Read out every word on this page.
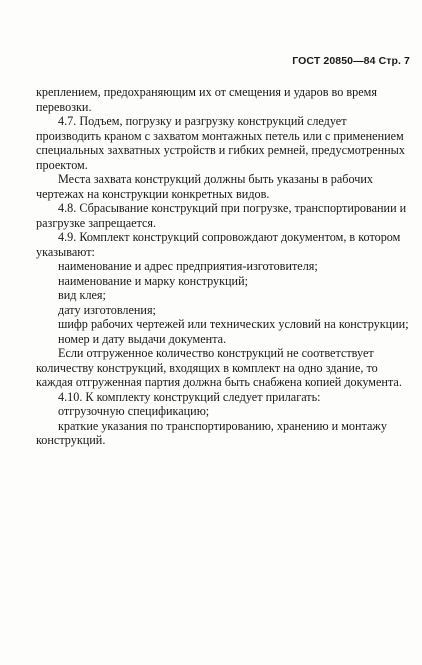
ГОСТ 20850—84 Стр. 7

креплением, предохраняющим их от смещения и ударов во время перевозки.

4.7. Подъем, погрузку и разгрузку конструкций следует производить краном с захватом монтажных петель или с применением специальных захватных устройств и гибких ремней, предусмотренных проектом.

Места захвата конструкций должны быть указаны в рабочих чертежах на конструкции конкретных видов.

4.8. Сбрасывание конструкций при погрузке, транспортировании и разгрузке запрещается.

4.9. Комплект конструкций сопровождают документом, в котором указывают:

наименование и адрес предприятия-изготовителя;

наименование и марку конструкций;

вид клея;

дату изготовления;

шифр рабочих чертежей или технических условий на конструкции;

номер и дату выдачи документа.

Если отгруженное количество конструкций не соответствует количеству конструкций, входящих в комплект на одно здание, то каждая отгруженная партия должна быть снабжена копией документа.

4.10. К комплекту конструкций следует прилагать:

отгрузочную спецификацию;

краткие указания по транспортированию, хранению и монтажу конструкций.
